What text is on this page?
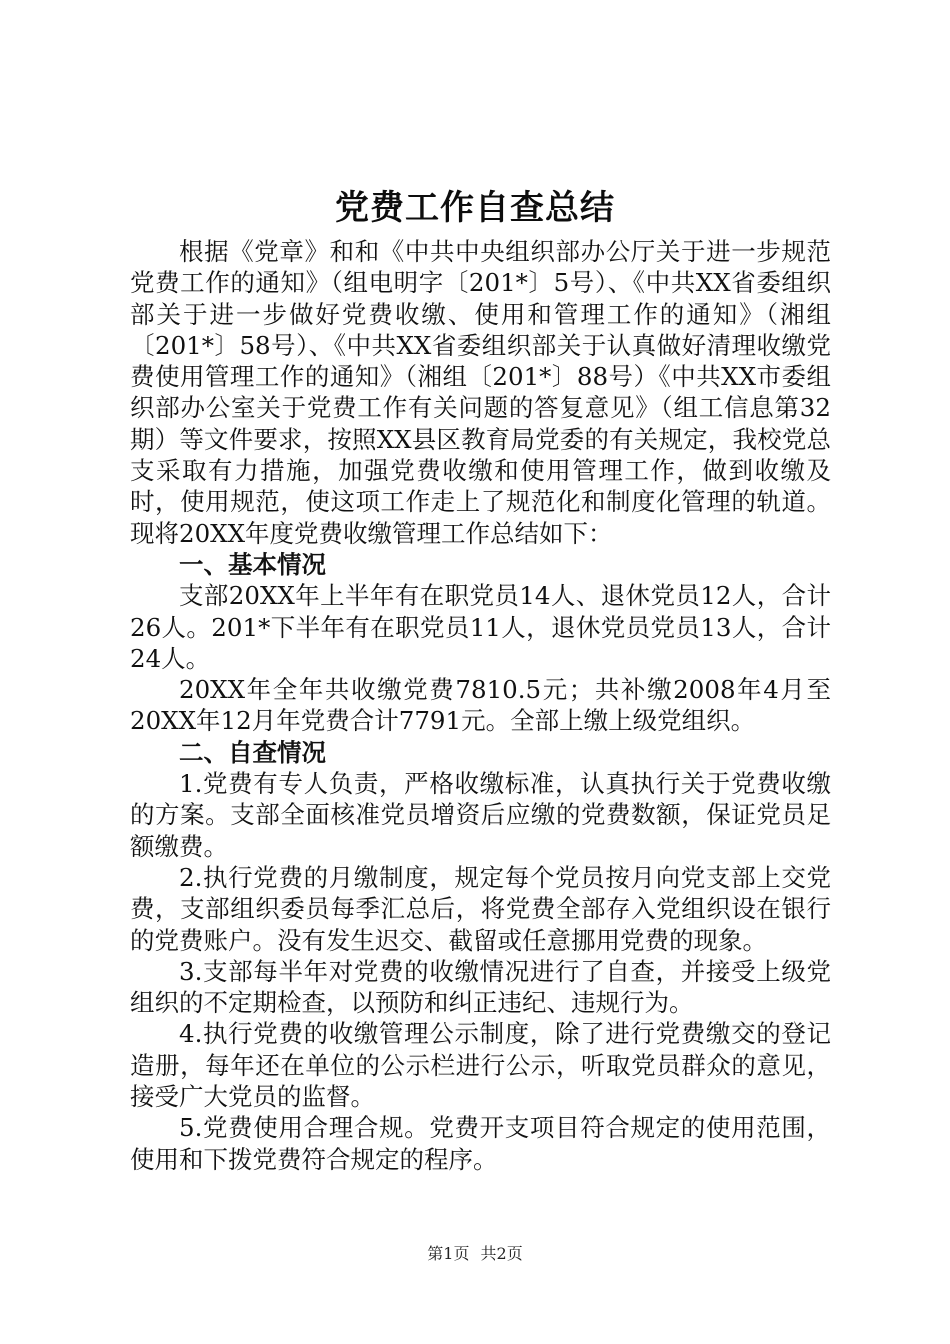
党费工作自查总结

根据《党章》和和《中共中央组织部办公厅关于进一步规范党费工作的通知》（组电明字〔201*〕5号）、《中共XX省委组织部关于进一步做好党费收缴、使用和管理工作的通知》（湘组〔201*〕58号）、《中共XX省委组织部关于认真做好清理收缴党费使用管理工作的通知》（湘组〔201*〕88号）《中共XX市委组织部办公室关于党费工作有关问题的答复意见》（组工信息第32期）等文件要求，按照XX县区教育局党委的有关规定，我校党总支采取有力措施，加强党费收缴和使用管理工作，做到收缴及时，使用规范，使这项工作走上了规范化和制度化管理的轨道。现将20XX年度党费收缴管理工作总结如下：

一、基本情况

支部20XX年上半年有在职党员14人、退休党员12人，合计26人。201*下半年有在职党员11人，退休党员党员13人，合计24人。

20XX年全年共收缴党费7810.5元；共补缴2008年4月至20XX年12月年党费合计7791元。全部上缴上级党组织。

二、自查情况

1.党费有专人负责，严格收缴标准，认真执行关于党费收缴的方案。支部全面核准党员增资后应缴的党费数额，保证党员足额缴费。

2.执行党费的月缴制度，规定每个党员按月向党支部上交党费，支部组织委员每季汇总后，将党费全部存入党组织设在银行的党费账户。没有发生迟交、截留或任意挪用党费的现象。

3.支部每半年对党费的收缴情况进行了自查，并接受上级党组织的不定期检查，以预防和纠正违纪、违规行为。

4.执行党费的收缴管理公示制度，除了进行党费缴交的登记造册，每年还在单位的公示栏进行公示，听取党员群众的意见，接受广大党员的监督。

5.党费使用合理合规。党费开支项目符合规定的使用范围，使用和下拨党费符合规定的程序。

第1页 共2页
